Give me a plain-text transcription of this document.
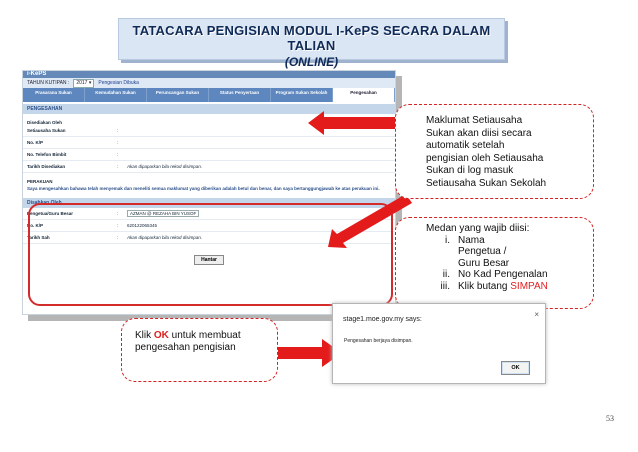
TATACARA PENGISIAN MODUL I-KePS SECARA DALAM TALIAN
(ONLINE)
i-KePS
TAHUN KUTIPAN :	2017 ▾	Pengesian Dibuka
Prasarana Sukan	Kemudahan Sukan	Peruncangan Sukan	Status Penyertaan	Program Sukan Sekolah	Pengesahan
PENGESAHAN
Disediakan Oleh
Setiausaha Sukan	:
No. K/P	:
No. Telefon Bimbit	:
Tarikh Disediakan	:	Akan dipaparkan bila rekod disimpan.
PERAKUAN
Saya mengesahkan bahawa telah menyemak dan meneliti semua maklumat yang diberikan adalah betul dan benar, dan saya bertanggungjawab ke atas perakuan ini.
Disahkan Oleh
Pengetua/Guru Besar	:	AZMAN @ REZAHA BIN YUSOF
No. K/P	:	620122065345
Tarikh Sah	:	Akan dipaparkan bila rekod disimpan.
Hantar
Maklumat Setiausaha
Sukan akan diisi secara
automatik setelah
pengisian oleh Setiausaha
Sukan di log masuk
Setiausaha Sukan Sekolah
Medan yang wajib diisi:
i. Nama
Pengetua /
Guru Besar
ii. No Kad Pengenalan
iii. Klik butang SIMPAN
Klik OK untuk membuat
pengesahan pengisian
stage1.moe.gov.my says:
×
Pengesahan berjaya disimpan.
OK
53
